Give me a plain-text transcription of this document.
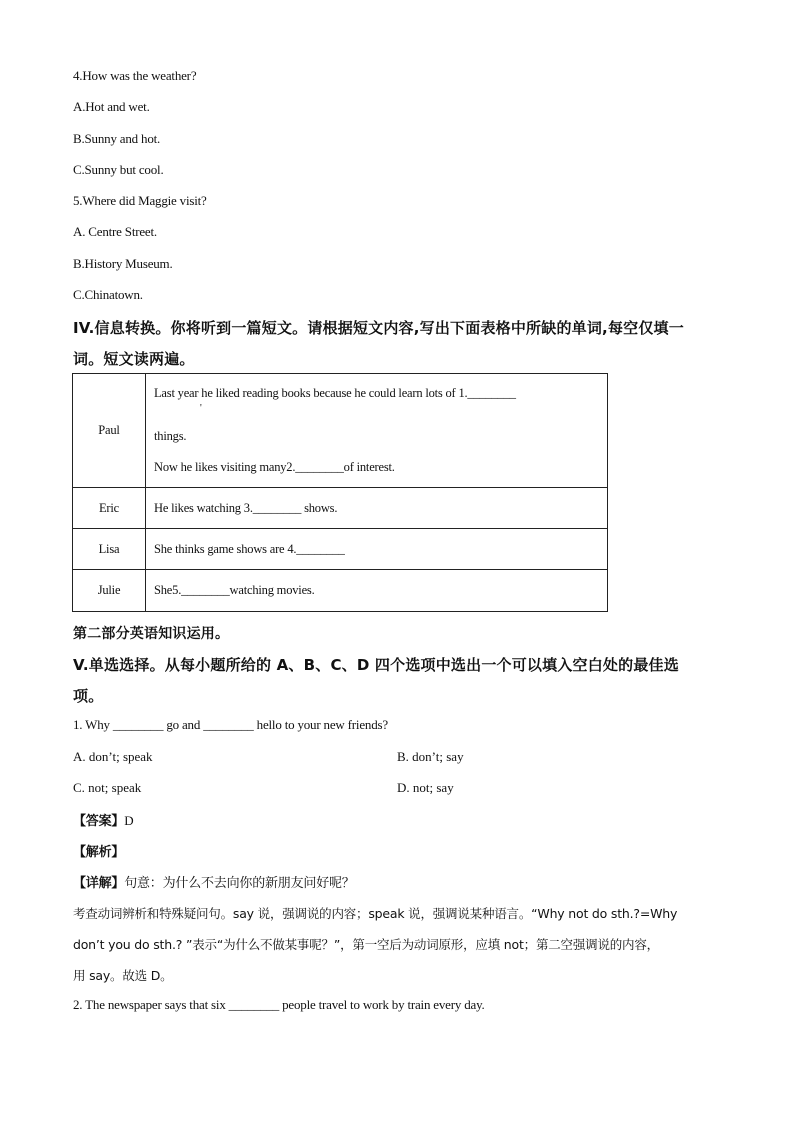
4.How was the weather?
A.Hot and wet.
B.Sunny and hot.
C.Sunny but cool.
5.Where did Maggie visit?
A. Centre Street.
B.History Museum.
C.Chinatown.
IV.信息转换。你将听到一篇短文。请根据短文内容,写出下面表格中所缺的单词,每空仅填一
词。短文读两遍。
Paul	Last year he liked reading books because he could learn lots of 1.________
'
things.
Now he likes visiting many2.________of interest.

Eric	He likes watching 3.________ shows.
Lisa	She thinks game shows are 4.________
Julie	She5.________watching movies.
第二部分英语知识运用。
V.单选选择。从每小题所给的 A、B、C、D 四个选项中选出一个可以填入空白处的最佳选
项。
1. Why ________ go and ________ hello to your new friends?
A. don’t; speak	B. don’t; say
C. not; speak	D. not; say
【答案】D
【解析】
【详解】句意：为什么不去向你的新朋友问好呢？
考查动词辨析和特殊疑问句。say 说，强调说的内容；speak 说，强调说某种语言。“Why not do sth.?=Why
don’t you do sth.? ”表示“为什么不做某事呢？”，第一空后为动词原形，应填 not；第二空强调说的内容，
用 say。故选 D。
2. The newspaper says that six ________ people travel to work by train every day.
